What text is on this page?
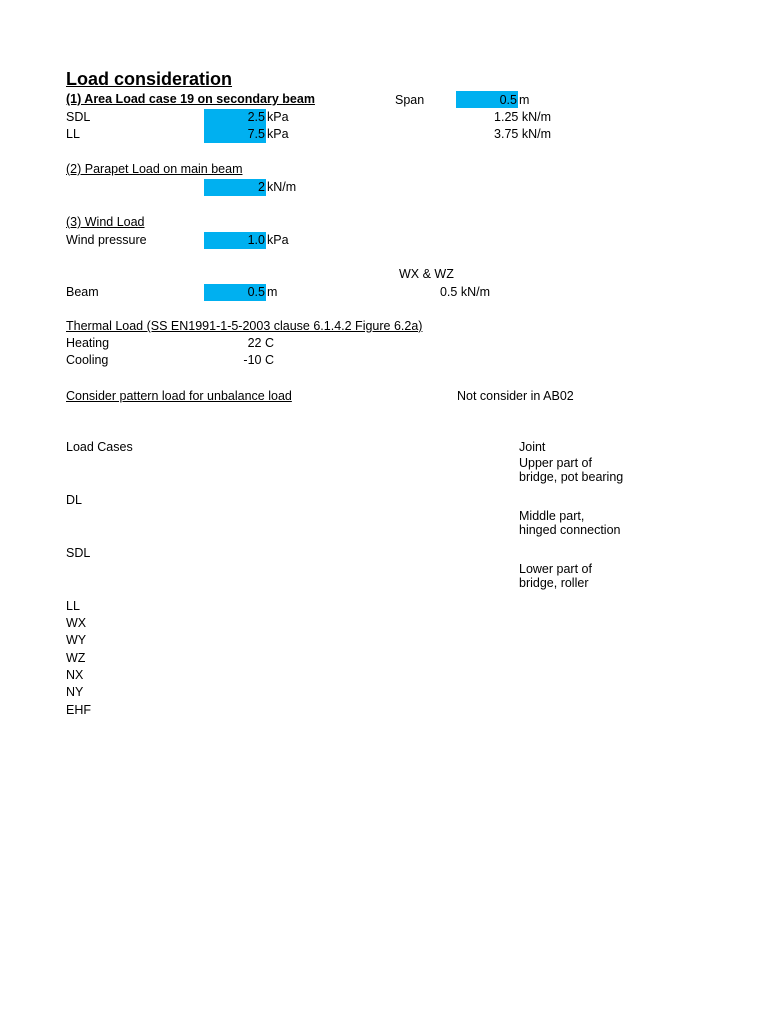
Load consideration
(1) Area Load case 19 on secondary beam	Span	0.5 m
SDL	2.5 kPa	1.25 kN/m
LL	7.5 kPa	3.75 kN/m
(2) Parapet Load on main beam
2 kN/m
(3) Wind Load
Wind pressure	1.0 kPa
WX & WZ
Beam	0.5 m	0.5 kN/m
Thermal Load (SS EN1991-1-5-2003 clause 6.1.4.2 Figure 6.2a)
Heating	22 C
Cooling	-10 C
Consider pattern load for unbalance load	Not consider in AB02
Load Cases
DL
SDL
LL
WX
WY
WZ
NX
NY
EHF
Joint
Upper part of
bridge, pot bearing
Middle part,
hinged connection
Lower part of
bridge, roller
